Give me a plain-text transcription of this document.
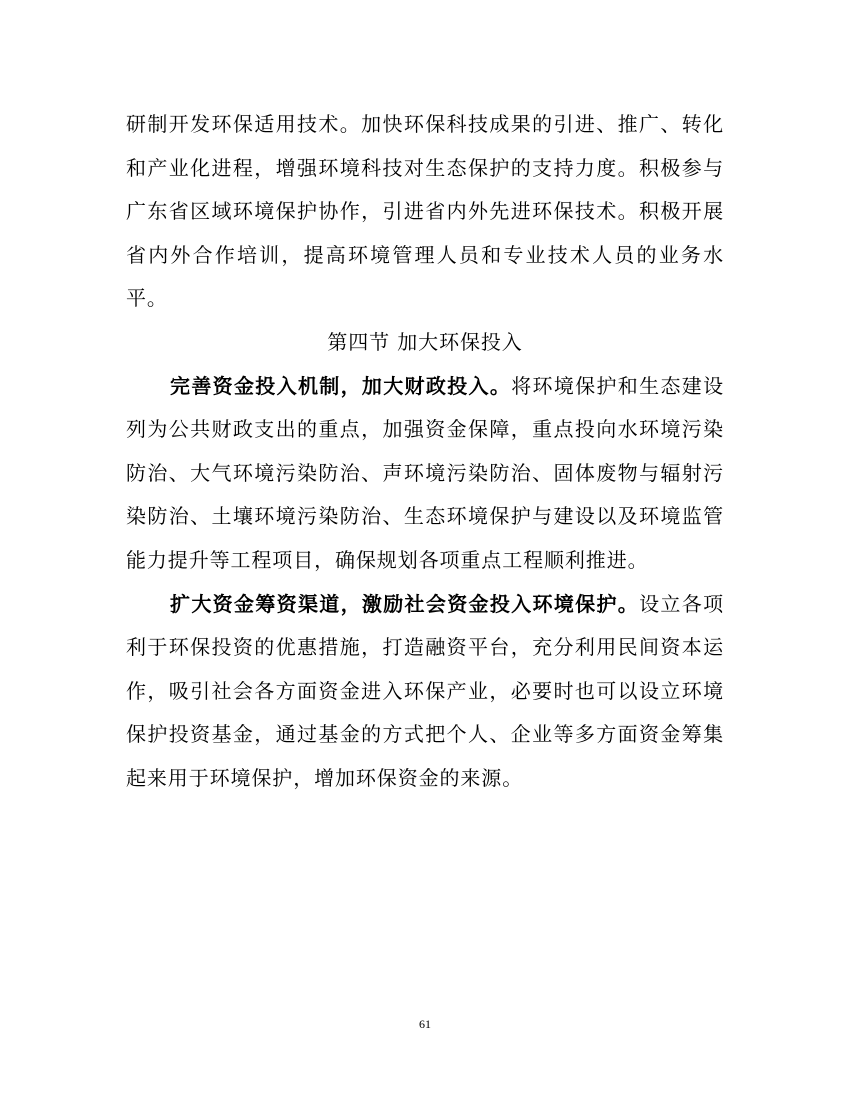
研制开发环保适用技术。加快环保科技成果的引进、推广、转化和产业化进程，增强环境科技对生态保护的支持力度。积极参与广东省区域环境保护协作，引进省内外先进环保技术。积极开展省内外合作培训，提高环境管理人员和专业技术人员的业务水平。

第四节 加大环保投入

完善资金投入机制，加大财政投入。将环境保护和生态建设列为公共财政支出的重点，加强资金保障，重点投向水环境污染防治、大气环境污染防治、声环境污染防治、固体废物与辐射污染防治、土壤环境污染防治、生态环境保护与建设以及环境监管能力提升等工程项目，确保规划各项重点工程顺利推进。

扩大资金筹资渠道，激励社会资金投入环境保护。设立各项利于环保投资的优惠措施，打造融资平台，充分利用民间资本运作，吸引社会各方面资金进入环保产业，必要时也可以设立环境保护投资基金，通过基金的方式把个人、企业等多方面资金筹集起来用于环境保护，增加环保资金的来源。

61
